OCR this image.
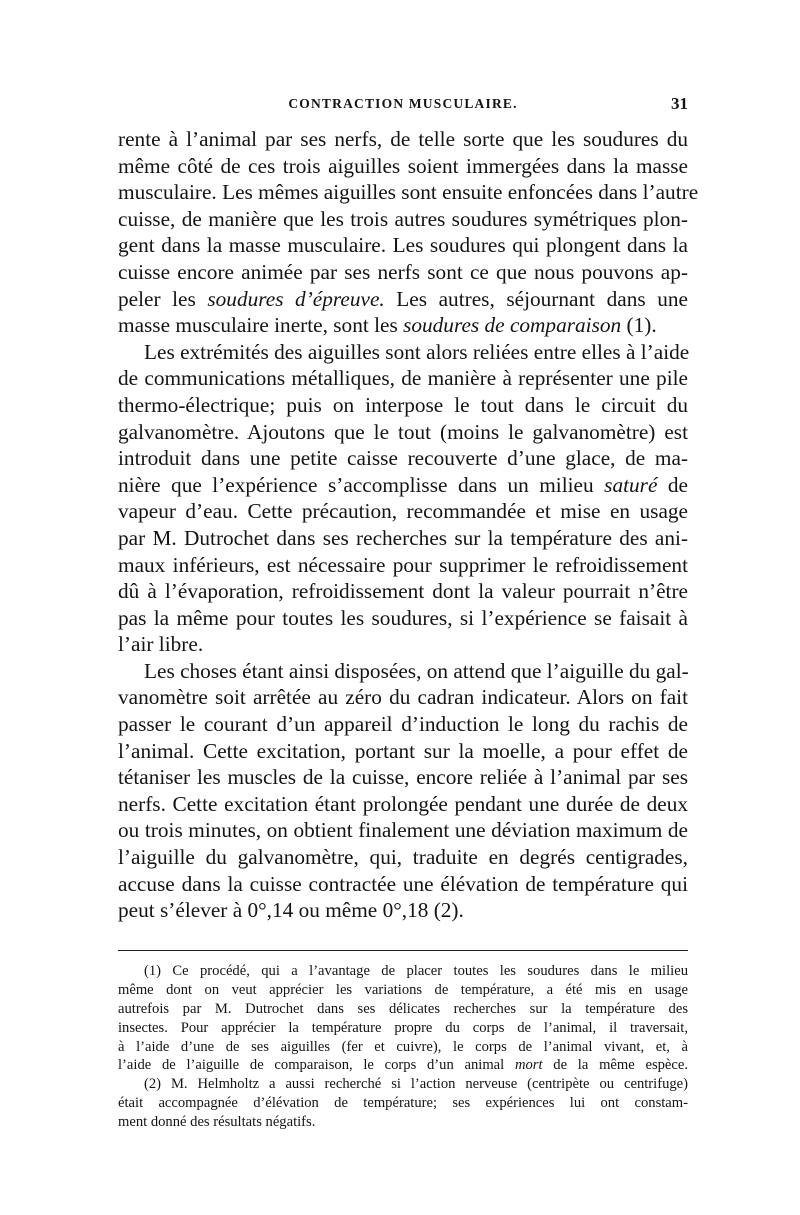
CONTRACTION MUSCULAIRE.	31
rente à l’animal par ses nerfs, de telle sorte que les soudures du
même côté de ces trois aiguilles soient immergées dans la masse
musculaire. Les mêmes aiguilles sont ensuite enfoncées dans l’autre
cuisse, de manière que les trois autres soudures symétriques plon-
gent dans la masse musculaire. Les soudures qui plongent dans la
cuisse encore animée par ses nerfs sont ce que nous pouvons ap-
peler les soudures d’épreuve. Les autres, séjournant dans une
masse musculaire inerte, sont les soudures de comparaison (1).
Les extrémités des aiguilles sont alors reliées entre elles à l’aide
de communications métalliques, de manière à représenter une pile
thermo-électrique; puis on interpose le tout dans le circuit du
galvanomètre. Ajoutons que le tout (moins le galvanomètre) est
introduit dans une petite caisse recouverte d’une glace, de ma-
nière que l’expérience s’accomplisse dans un milieu saturé de
vapeur d’eau. Cette précaution, recommandée et mise en usage
par M. Dutrochet dans ses recherches sur la température des ani-
maux inférieurs, est nécessaire pour supprimer le refroidissement
dû à l’évaporation, refroidissement dont la valeur pourrait n’être
pas la même pour toutes les soudures, si l’expérience se faisait à
l’air libre.
Les choses étant ainsi disposées, on attend que l’aiguille du gal-
vanomètre soit arrêtée au zéro du cadran indicateur. Alors on fait
passer le courant d’un appareil d’induction le long du rachis de
l’animal. Cette excitation, portant sur la moelle, a pour effet de
tétaniser les muscles de la cuisse, encore reliée à l’animal par ses
nerfs. Cette excitation étant prolongée pendant une durée de deux
ou trois minutes, on obtient finalement une déviation maximum de
l’aiguille du galvanomètre, qui, traduite en degrés centigrades,
accuse dans la cuisse contractée une élévation de température qui
peut s’élever à 0°,14 ou même 0°,18 (2).
(1) Ce procédé, qui a l’avantage de placer toutes les soudures dans le milieu
même dont on veut apprécier les variations de température, a été mis en usage
autrefois par M. Dutrochet dans ses délicates recherches sur la température des
insectes. Pour apprécier la température propre du corps de l’animal, il traversait,
à l’aide d’une de ses aiguilles (fer et cuivre), le corps de l’animal vivant, et, à
l’aide de l’aiguille de comparaison, le corps d’un animal mort de la même espèce.
(2) M. Helmholtz a aussi recherché si l’action nerveuse (centripète ou centrifuge)
était accompagnée d’élévation de température; ses expériences lui ont constam-
ment donné des résultats négatifs.
